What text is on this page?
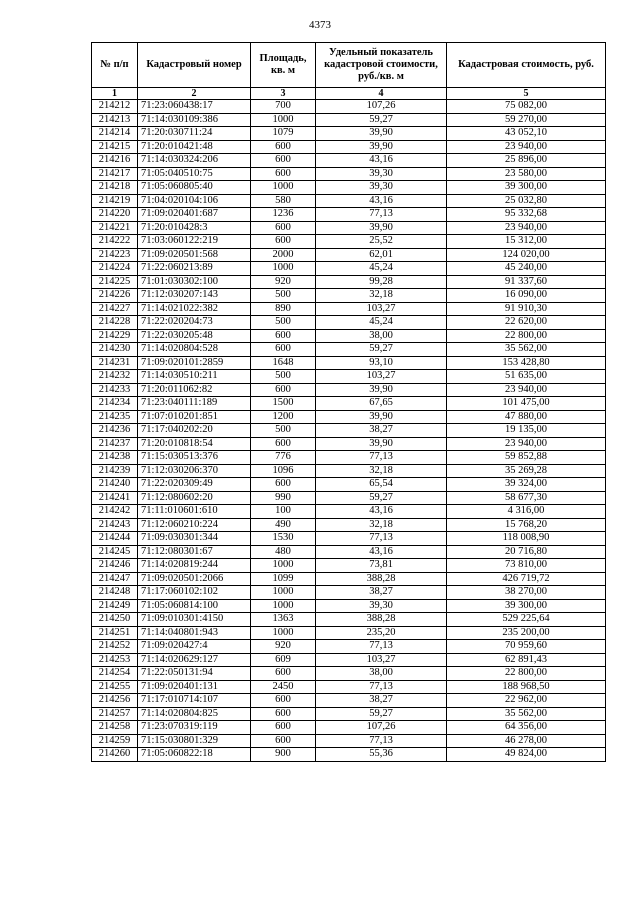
4373
№ п/п	Кадастровый номер	Площадь, кв. м	Удельный показатель кадастровой стоимости, руб./кв. м	Кадастровая стоимость, руб.
1	2	3	4	5
214212	71:23:060438:17	700	107,26	75 082,00
214213	71:14:030109:386	1000	59,27	59 270,00
214214	71:20:030711:24	1079	39,90	43 052,10
214215	71:20:010421:48	600	39,90	23 940,00
214216	71:14:030324:206	600	43,16	25 896,00
214217	71:05:040510:75	600	39,30	23 580,00
214218	71:05:060805:40	1000	39,30	39 300,00
214219	71:04:020104:106	580	43,16	25 032,80
214220	71:09:020401:687	1236	77,13	95 332,68
214221	71:20:010428:3	600	39,90	23 940,00
214222	71:03:060122:219	600	25,52	15 312,00
214223	71:09:020501:568	2000	62,01	124 020,00
214224	71:22:060213:89	1000	45,24	45 240,00
214225	71:01:030302:100	920	99,28	91 337,60
214226	71:12:030207:143	500	32,18	16 090,00
214227	71:14:021022:382	890	103,27	91 910,30
214228	71:22:020204:73	500	45,24	22 620,00
214229	71:22:030205:48	600	38,00	22 800,00
214230	71:14:020804:528	600	59,27	35 562,00
214231	71:09:020101:2859	1648	93,10	153 428,80
214232	71:14:030510:211	500	103,27	51 635,00
214233	71:20:011062:82	600	39,90	23 940,00
214234	71:23:040111:189	1500	67,65	101 475,00
214235	71:07:010201:851	1200	39,90	47 880,00
214236	71:17:040202:20	500	38,27	19 135,00
214237	71:20:010818:54	600	39,90	23 940,00
214238	71:15:030513:376	776	77,13	59 852,88
214239	71:12:030206:370	1096	32,18	35 269,28
214240	71:22:020309:49	600	65,54	39 324,00
214241	71:12:080602:20	990	59,27	58 677,30
214242	71:11:010601:610	100	43,16	4 316,00
214243	71:12:060210:224	490	32,18	15 768,20
214244	71:09:030301:344	1530	77,13	118 008,90
214245	71:12:080301:67	480	43,16	20 716,80
214246	71:14:020819:244	1000	73,81	73 810,00
214247	71:09:020501:2066	1099	388,28	426 719,72
214248	71:17:060102:102	1000	38,27	38 270,00
214249	71:05:060814:100	1000	39,30	39 300,00
214250	71:09:010301:4150	1363	388,28	529 225,64
214251	71:14:040801:943	1000	235,20	235 200,00
214252	71:09:020427:4	920	77,13	70 959,60
214253	71:14:020629:127	609	103,27	62 891,43
214254	71:22:050131:94	600	38,00	22 800,00
214255	71:09:020401:131	2450	77,13	188 968,50
214256	71:17:010714:107	600	38,27	22 962,00
214257	71:14:020804:825	600	59,27	35 562,00
214258	71:23:070319:119	600	107,26	64 356,00
214259	71:15:030801:329	600	77,13	46 278,00
214260	71:05:060822:18	900	55,36	49 824,00
